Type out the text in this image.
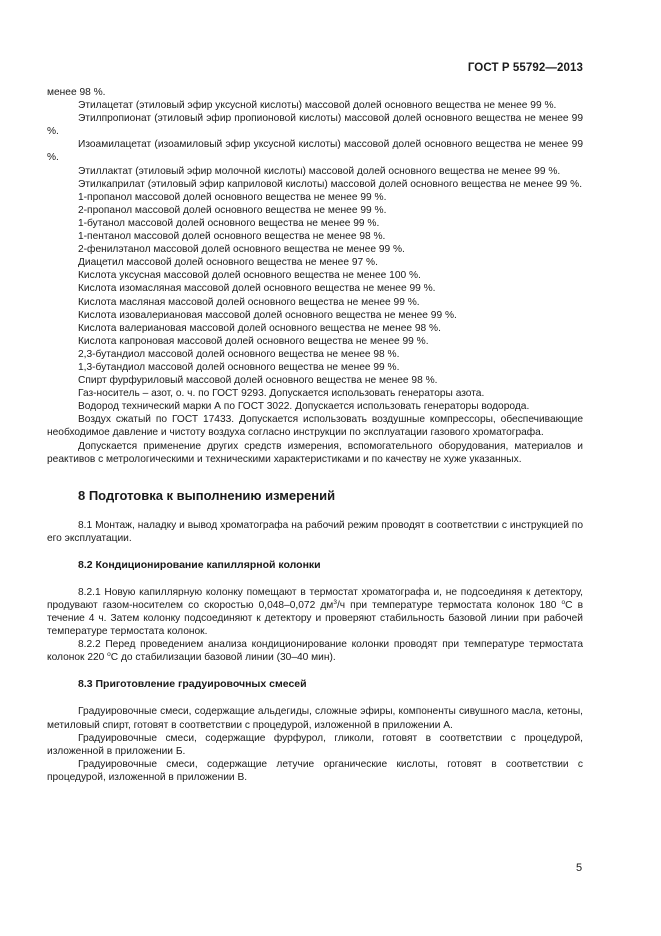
ГОСТ Р 55792—2013

менее 98 %.

Этилацетат (этиловый эфир уксусной кислоты) массовой долей основного вещества не менее 99 %.

Этилпропионат (этиловый эфир пропионовой кислоты) массовой долей основного вещества не менее 99 %.

Изоамилацетат (изоамиловый эфир уксусной кислоты) массовой долей основного вещества не менее 99 %.

Этиллактат (этиловый эфир молочной кислоты) массовой долей основного вещества не менее 99 %.

Этилкаприлат (этиловый эфир каприловой кислоты) массовой долей основного вещества не менее 99 %.

1-пропанол массовой долей основного вещества не менее 99 %.

2-пропанол массовой долей основного вещества не менее 99 %.

1-бутанол массовой долей основного вещества не менее 99 %.

1-пентанол массовой долей основного вещества не менее 98 %.

2-фенилэтанол массовой долей основного вещества не менее 99 %.

Диацетил массовой долей основного вещества не менее 97 %.

Кислота уксусная массовой долей основного вещества не менее 100 %.

Кислота изомасляная массовой долей основного вещества не менее 99 %.

Кислота масляная массовой долей основного вещества не менее 99 %.

Кислота изовалериановая массовой долей основного вещества не менее 99 %.

Кислота валериановая массовой долей основного вещества не менее 98 %.

Кислота капроновая массовой долей основного вещества не менее 99 %.

2,3-бутандиол массовой долей основного вещества не менее 98 %.

1,3-бутандиол массовой долей основного вещества не менее 99 %.

Спирт фурфуриловый массовой долей основного вещества не менее 98 %.

Газ-носитель – азот, о. ч. по ГОСТ 9293. Допускается использовать генераторы азота.

Водород технический марки А по ГОСТ 3022. Допускается использовать генераторы водорода.

Воздух сжатый по ГОСТ 17433. Допускается использовать воздушные компрессоры, обеспечивающие необходимое давление и чистоту воздуха согласно инструкции по эксплуатации газового хроматографа.

Допускается применение других средств измерения, вспомогательного оборудования, материалов и реактивов с метрологическими и техническими характеристиками и по качеству не хуже указанных.

8 Подготовка к выполнению измерений

8.1 Монтаж, наладку и вывод хроматографа на рабочий режим проводят в соответствии с инструкцией по его эксплуатации.

8.2 Кондиционирование капиллярной колонки

8.2.1 Новую капиллярную колонку помещают в термостат хроматографа и, не подсоединяя к детектору, продувают газом-носителем со скоростью 0,048–0,072 $дм^3/ч$ при температуре термостата колонок 180 $^о$С в течение 4 ч. Затем колонку подсоединяют к детектору и проверяют стабильность базовой линии при рабочей температуре термостата колонок.

8.2.2 Перед проведением анализа кондиционирование колонки проводят при температуре термостата колонок 220 $^о$С до стабилизации базовой линии (30–40 мин).

8.3 Приготовление градуировочных смесей

Градуировочные смеси, содержащие альдегиды, сложные эфиры, компоненты сивушного масла, кетоны, метиловый спирт, готовят в соответствии с процедурой, изложенной в приложении А.

Градуировочные смеси, содержащие фурфурол, гликоли, готовят в соответствии с процедурой, изложенной в приложении Б.

Градуировочные смеси, содержащие летучие органические кислоты, готовят в соответствии с процедурой, изложенной в приложении В.

5
